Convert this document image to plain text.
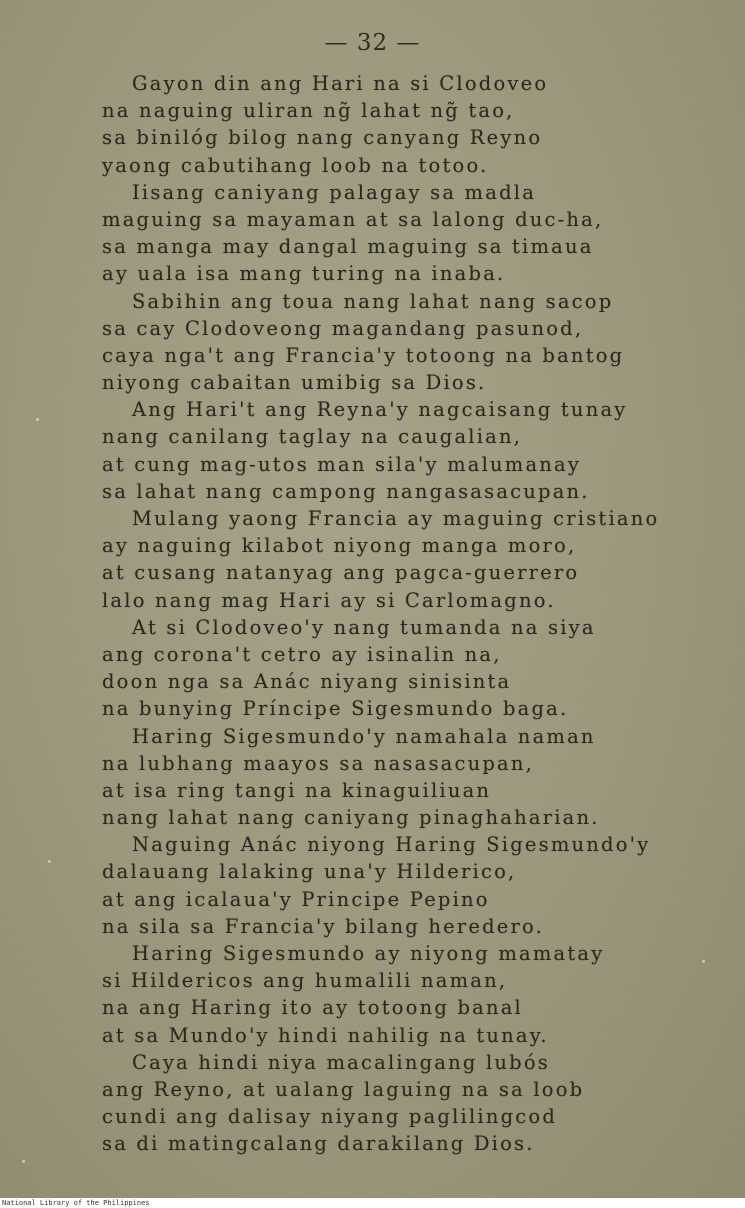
— 32 —
Gayon din ang Hari na si Clodoveo
na naguing uliran ng̃ lahat ng̃ tao,
sa binilóg bilog nang canyang Reyno
yaong cabutihang loob na totoo.
Iisang caniyang palagay sa madla
maguing sa mayaman at sa lalong duc-ha,
sa manga may dangal maguing sa timaua
ay uala isa mang turing na inaba.
Sabihin ang toua nang lahat nang sacop
sa cay Clodoveong magandang pasunod,
caya nga't ang Francia'y totoong na bantog
niyong cabaitan umibig sa Dios.
Ang Hari't ang Reyna'y nagcaisang tunay
nang canilang taglay na caugalian,
at cung mag-utos man sila'y malumanay
sa lahat nang campong nangasasacupan.
Mulang yaong Francia ay maguing cristiano
ay naguing kilabot niyong manga moro,
at cusang natanyag ang pagca-guerrero
lalo nang mag Hari ay si Carlomagno.
At si Clodoveo'y nang tumanda na siya
ang corona't cetro ay isinalin na,
doon nga sa Anác niyang sinisinta
na bunying Príncipe Sigesmundo baga.
Haring Sigesmundo'y namahala naman
na lubhang maayos sa nasasacupan,
at isa ring tangi na kinaguiliuan
nang lahat nang caniyang pinaghaharian.
Naguing Anác niyong Haring Sigesmundo'y
dalauang lalaking una'y Hilderico,
at ang icalaua'y Principe Pepino
na sila sa Francia'y bilang heredero.
Haring Sigesmundo ay niyong mamatay
si Hildericos ang humalili naman,
na ang Haring ito ay totoong banal
at sa Mundo'y hindi nahilig na tunay.
Caya hindi niya macalingang lubós
ang Reyno, at ualang laguing na sa loob
cundi ang dalisay niyang paglilingcod
sa di matingcalang darakilang Dios.
National Library of the Philippines
